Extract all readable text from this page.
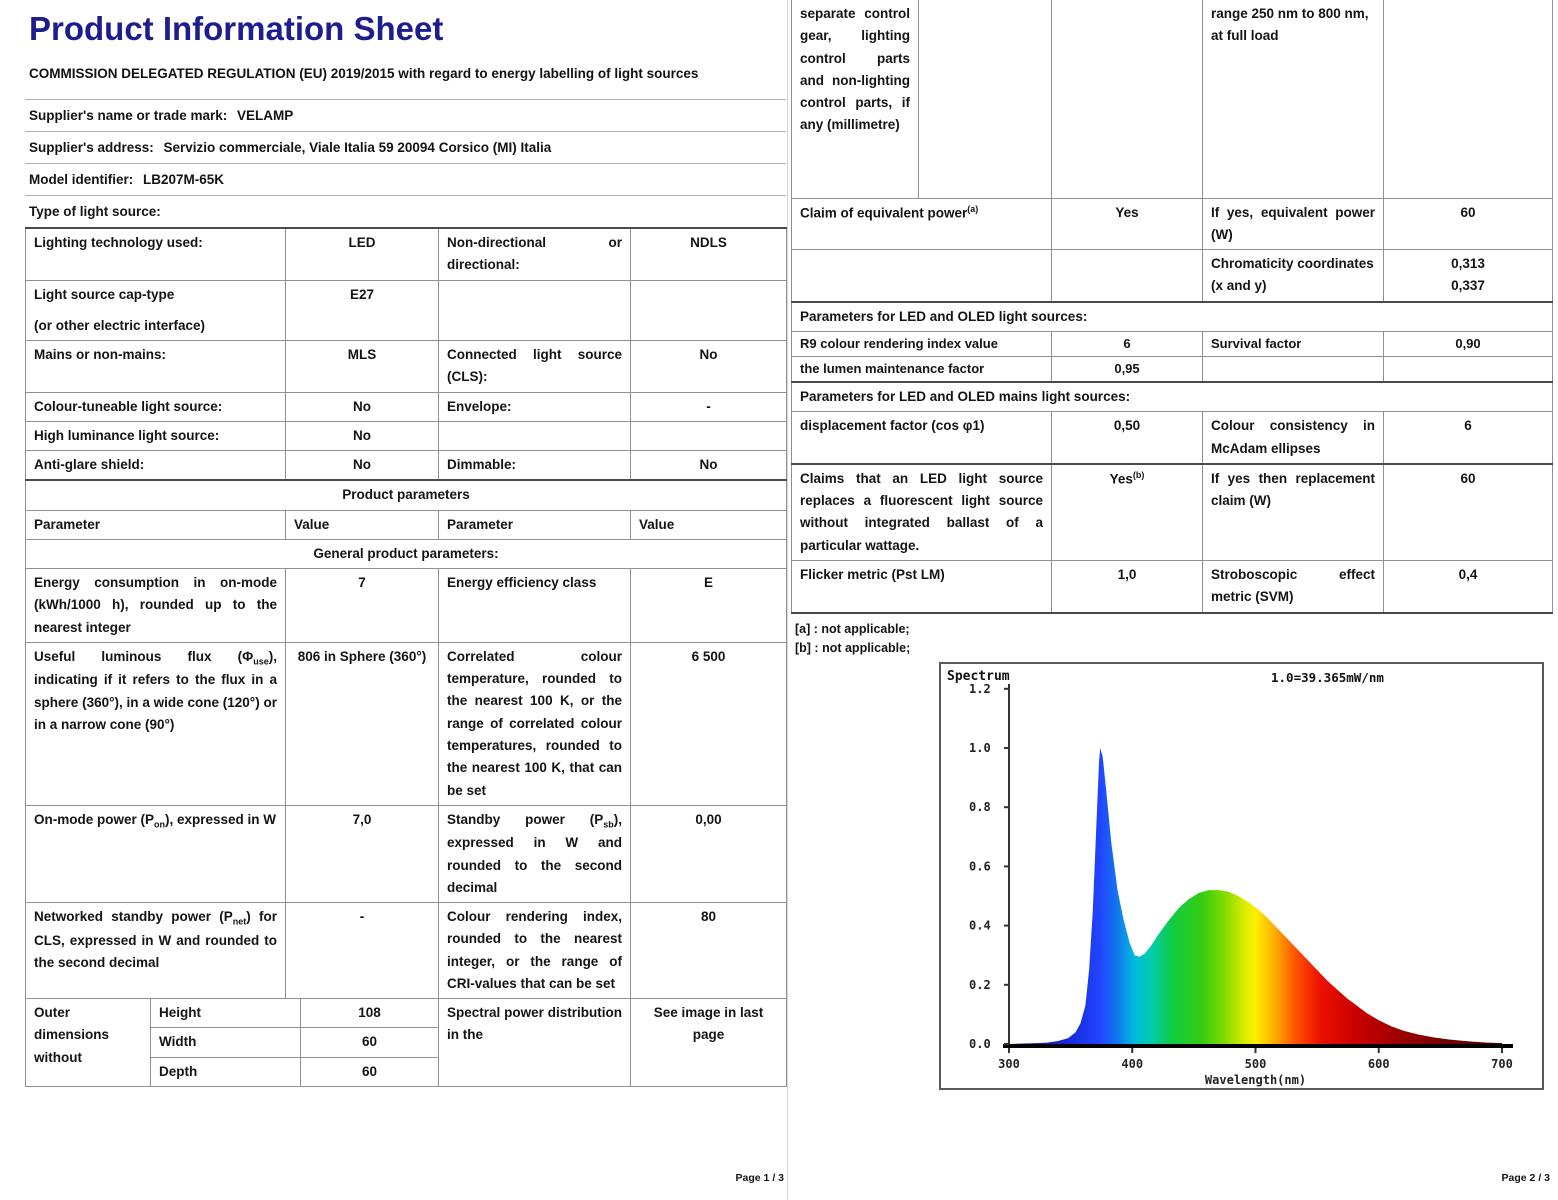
Product Information Sheet
COMMISSION DELEGATED REGULATION (EU) 2019/2015 with regard to energy labelling of light sources
Supplier's name or trade mark: VELAMP
Supplier's address: Servizio commerciale, Viale Italia 59 20094 Corsico (MI) Italia
Model identifier: LB207M-65K
Type of light source:
Lighting technology used:	LED	Non-directional or directional:	NDLS

Light source cap-type
(or other electric interface)	E27		
Mains or non-mains:	MLS	Connected light source (CLS):	No
Colour-tuneable light source:	No	Envelope:	-
High luminance light source:	No		
Anti-glare shield:	No	Dimmable:	No
Product parameters			
Parameter	Value	Parameter	Value
General product parameters:			
Energy consumption in on-mode (kWh/1000 h), rounded up to the nearest integer	7	Energy efficiency class	E
Useful luminous flux $(\Phi_{use})$, indicating if it refers to the flux in a sphere (360°), in a wide cone (120°) or in a narrow cone (90°)	806 in Sphere (360°)	Correlated colour temperature, rounded to the nearest 100 K, or the range of correlated colour temperatures, rounded to the nearest 100 K, that can be set	6 500
On-mode power $(P_{on})$, expressed in W	7,0	Standby power $(P_{sb})$, expressed in W and rounded to the second decimal	0,00
Networked standby power $(P_{net})$ for CLS, expressed in W and rounded to the second decimal	-	Colour rendering index, rounded to the nearest integer, or the range of CRI-values that can be set	80
Outer dimensions without	Height	108	Spectral power distribution in the	See image in last page
	Width	60		
	Depth	60		
Page 1 / 3
separate control gear, lighting control parts and non-lighting control parts, if any (millimetre)			range 250 nm to 800 nm, at full load	
Claim of equivalent power$^{(a)}$	Yes	If yes, equivalent power (W)	60
		Chromaticity coordinates (x and y)	0,313
0,337

Parameters for LED and OLED light sources:			
R9 colour rendering index value	6	Survival factor	0,90
the lumen maintenance factor	0,95		
Parameters for LED and OLED mains light sources:			
displacement factor (cos φ1)	0,50	Colour consistency in McAdam ellipses	6
Claims that an LED light source replaces a fluorescent light source without integrated ballast of a particular wattage.	Yes$^{(b)}$	If yes then replacement claim (W)	60
Flicker metric (Pst LM)	1,0	Stroboscopic effect metric (SVM)	0,4
[a] : not applicable;
[b] : not applicable;
1.2
1.0
0.8
0.6
0.4
0.2
0.0
300	400	500	600	700
Spectrum	1.0=39.365mW/nm
Wavelength(nm)
Page 2 / 3
